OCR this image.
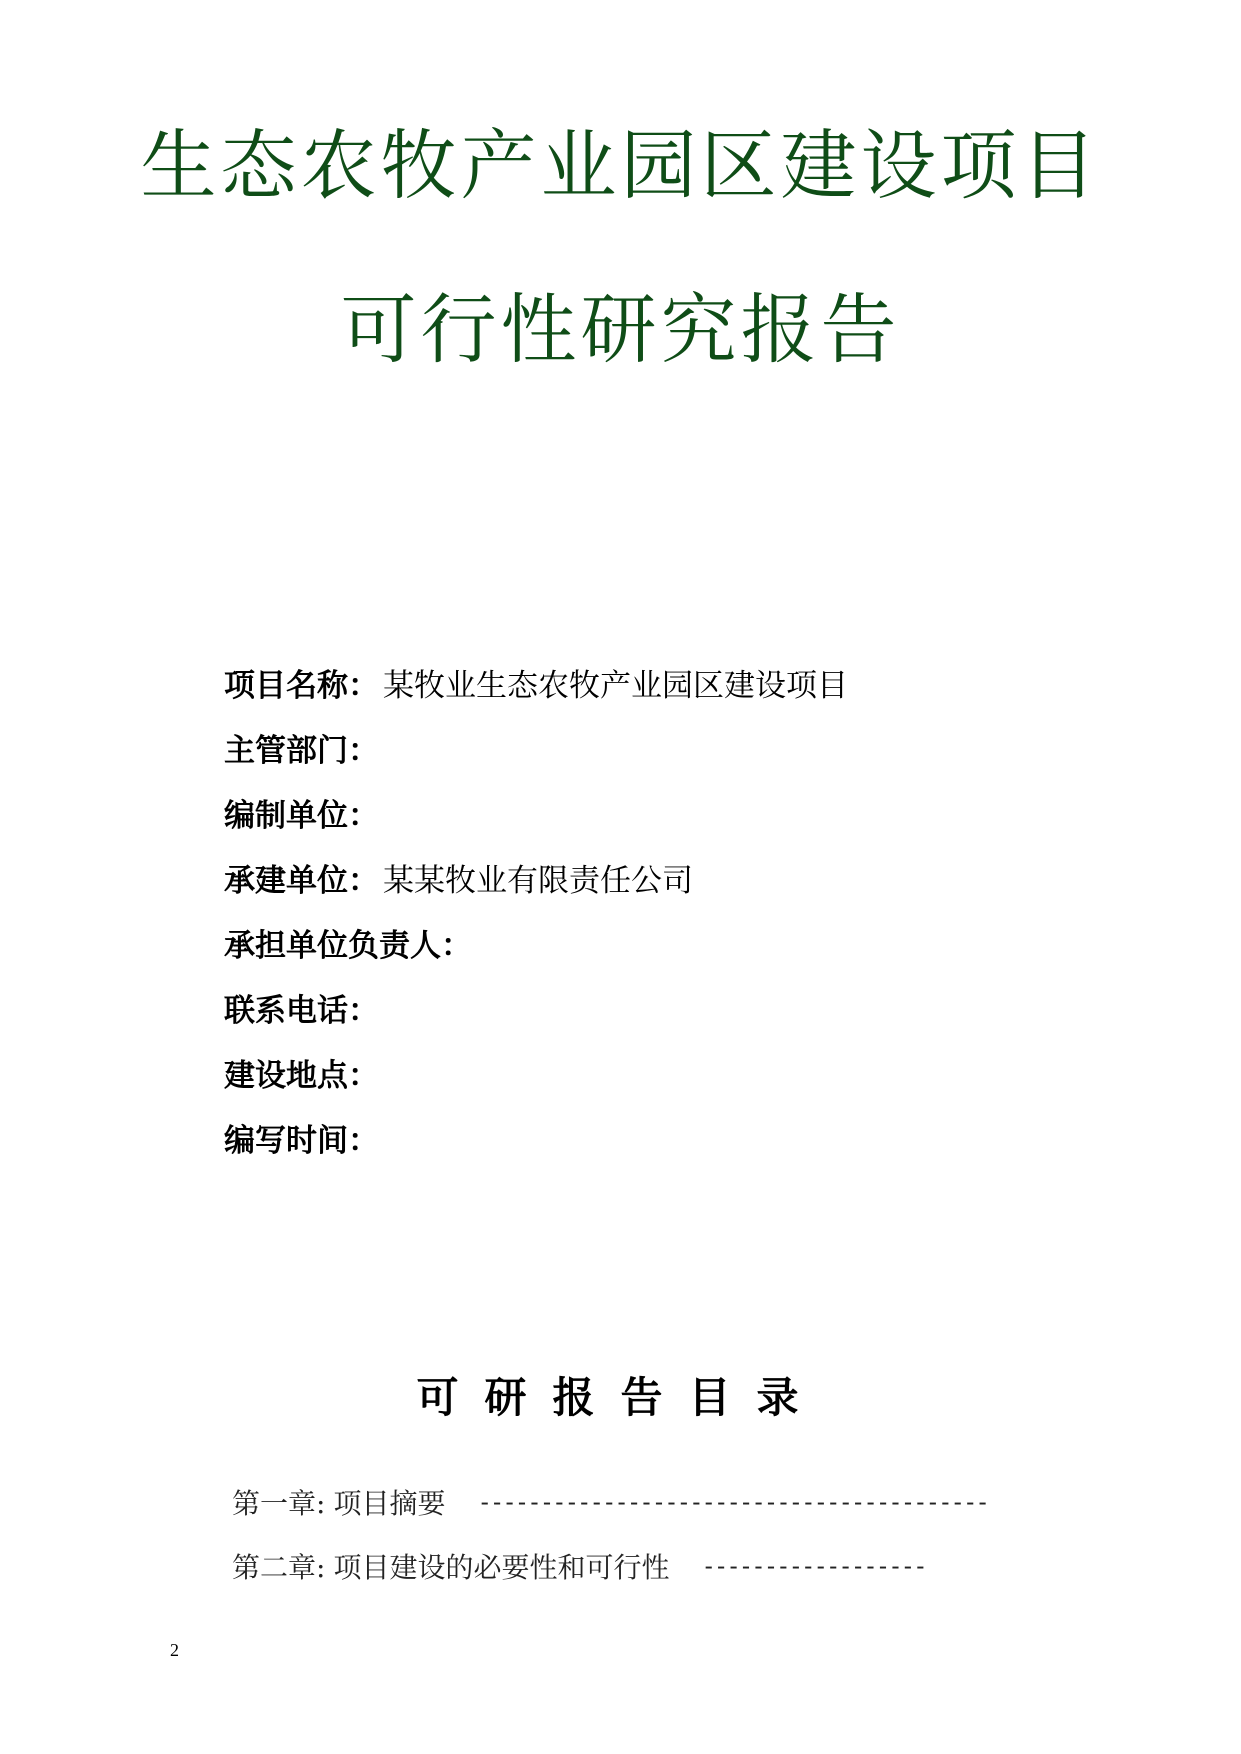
生态农牧产业园区建设项目
可行性研究报告
项目名称： 某牧业生态农牧产业园区建设项目
主管部门：
编制单位：
承建单位： 某某牧业有限责任公司
承担单位负责人：
联系电话：
建设地点：
编写时间：
可研报告目录
第一章: 项目摘要 -----------------------------------------
第二章: 项目建设的必要性和可行性 ------------------
2
